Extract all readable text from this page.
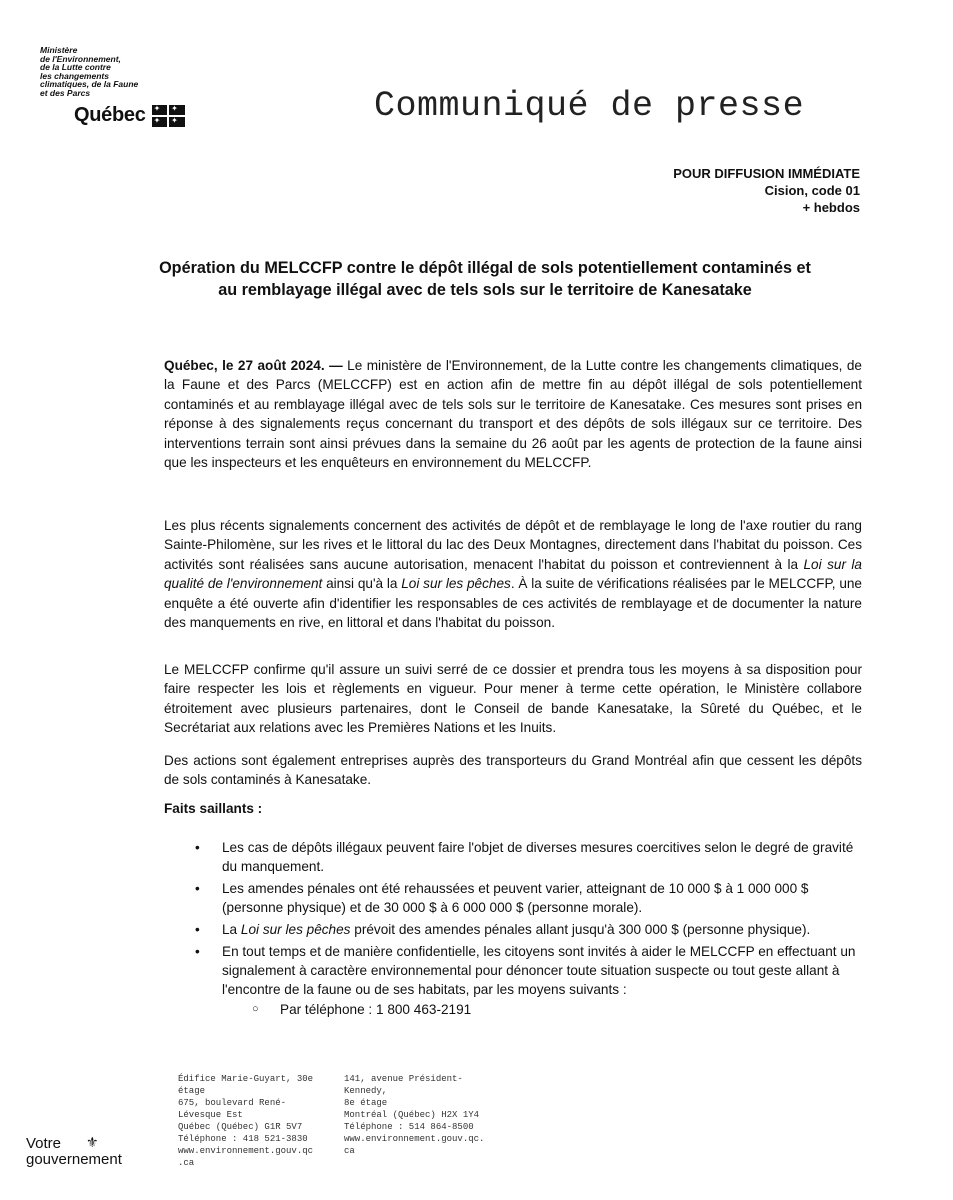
Ministère
de l'Environnement,
de la Lutte contre
les changements
climatiques, de la Faune
et des Parcs
Québec ✦ ✦
✦
✦	Communiqué de presse
POUR DIFFUSION IMMÉDIATE
Cision, code 01
+ hebdos
Opération du MELCCFP contre le dépôt illégal de sols potentiellement contaminés et au remblayage illégal avec de tels sols sur le territoire de Kanesatake
Québec, le 27 août 2024. — Le ministère de l'Environnement, de la Lutte contre les changements climatiques, de la Faune et des Parcs (MELCCFP) est en action afin de mettre fin au dépôt illégal de sols potentiellement contaminés et au remblayage illégal avec de tels sols sur le territoire de Kanesatake. Ces mesures sont prises en réponse à des signalements reçus concernant du transport et des dépôts de sols illégaux sur ce territoire. Des interventions terrain sont ainsi prévues dans la semaine du 26 août par les agents de protection de la faune ainsi que les inspecteurs et les enquêteurs en environnement du MELCCFP.
Les plus récents signalements concernent des activités de dépôt et de remblayage le long de l'axe routier du rang Sainte-Philomène, sur les rives et le littoral du lac des Deux Montagnes, directement dans l'habitat du poisson. Ces activités sont réalisées sans aucune autorisation, menacent l'habitat du poisson et contreviennent à la Loi sur la qualité de l'environnement ainsi qu'à la Loi sur les pêches. À la suite de vérifications réalisées par le MELCCFP, une enquête a été ouverte afin d'identifier les responsables de ces activités de remblayage et de documenter la nature des manquements en rive, en littoral et dans l'habitat du poisson.
Le MELCCFP confirme qu'il assure un suivi serré de ce dossier et prendra tous les moyens à sa disposition pour faire respecter les lois et règlements en vigueur. Pour mener à terme cette opération, le Ministère collabore étroitement avec plusieurs partenaires, dont le Conseil de bande Kanesatake, la Sûreté du Québec, et le Secrétariat aux relations avec les Premières Nations et les Inuits.
Des actions sont également entreprises auprès des transporteurs du Grand Montréal afin que cessent les dépôts de sols contaminés à Kanesatake.
Faits saillants :
• Les cas de dépôts illégaux peuvent faire l'objet de diverses mesures coercitives selon le degré de gravité du manquement.
• Les amendes pénales ont été rehaussées et peuvent varier, atteignant de 10 000 $ à 1 000 000 $ (personne physique) et de 30 000 $ à 6 000 000 $ (personne morale).
• La Loi sur les pêches prévoit des amendes pénales allant jusqu'à 300 000 $ (personne physique).
• En tout temps et de manière confidentielle, les citoyens sont invités à aider le MELCCFP en effectuant un signalement à caractère environnemental pour dénoncer toute situation suspecte ou tout geste allant à l'encontre de la faune ou de ses habitats, par les moyens suivants :
○ Par téléphone : 1 800 463-2191
Édifice Marie-Guyart, 30e
étage
675, boulevard René-
Lévesque Est
Québec (Québec) G1R 5V7
Téléphone : 418 521-3830
www.environnement.gouv.qc
.ca
141, avenue Président-
Kennedy,
8e étage
Montréal (Québec) H2X 1Y4
Téléphone : 514 864-8500
www.environnement.gouv.qc.
ca
Votre
gouvernement
⚜
